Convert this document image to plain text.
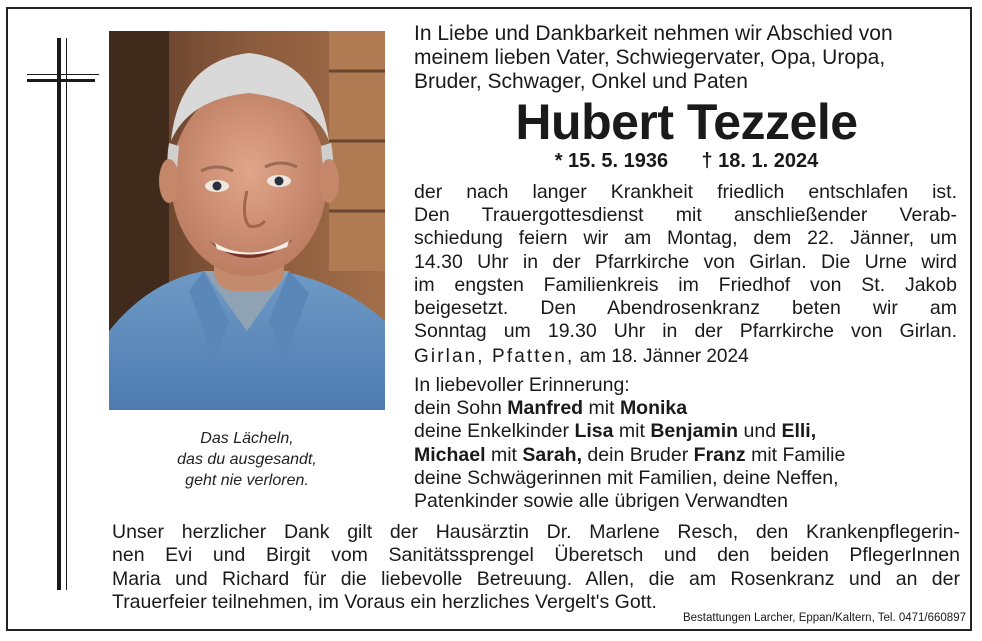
Das Lächeln,
das du ausgesandt,
geht nie verloren.
In Liebe und Dankbarkeit nehmen wir Abschied von
meinem lieben Vater, Schwiegervater, Opa, Uropa,
Bruder, Schwager, Onkel und Paten
Hubert Tezzele
* 15. 5. 1936 † 18. 1. 2024
der nach langer Krankheit friedlich entschlafen ist.
Den Trauergottesdienst mit anschließender Verab-
schiedung feiern wir am Montag, dem 22. Jänner, um
14.30 Uhr in der Pfarrkirche von Girlan. Die Urne wird
im engsten Familienkreis im Friedhof von St. Jakob
beigesetzt. Den Abendrosenkranz beten wir am
Sonntag um 19.30 Uhr in der Pfarrkirche von Girlan.
Girlan, Pfatten, am 18. Jänner 2024
In liebevoller Erinnerung:
dein Sohn Manfred mit Monika
deine Enkelkinder Lisa mit Benjamin und Elli,
Michael mit Sarah, dein Bruder Franz mit Familie
deine Schwägerinnen mit Familien, deine Neffen,
Patenkinder sowie alle übrigen Verwandten
Unser herzlicher Dank gilt der Hausärztin Dr. Marlene Resch, den Krankenpflegerin-
nen Evi und Birgit vom Sanitätssprengel Überetsch und den beiden PflegerInnen
Maria und Richard für die liebevolle Betreuung. Allen, die am Rosenkranz und an der
Trauerfeier teilnehmen, im Voraus ein herzliches Vergelt's Gott.
Bestattungen Larcher, Eppan/Kaltern, Tel. 0471/660897
